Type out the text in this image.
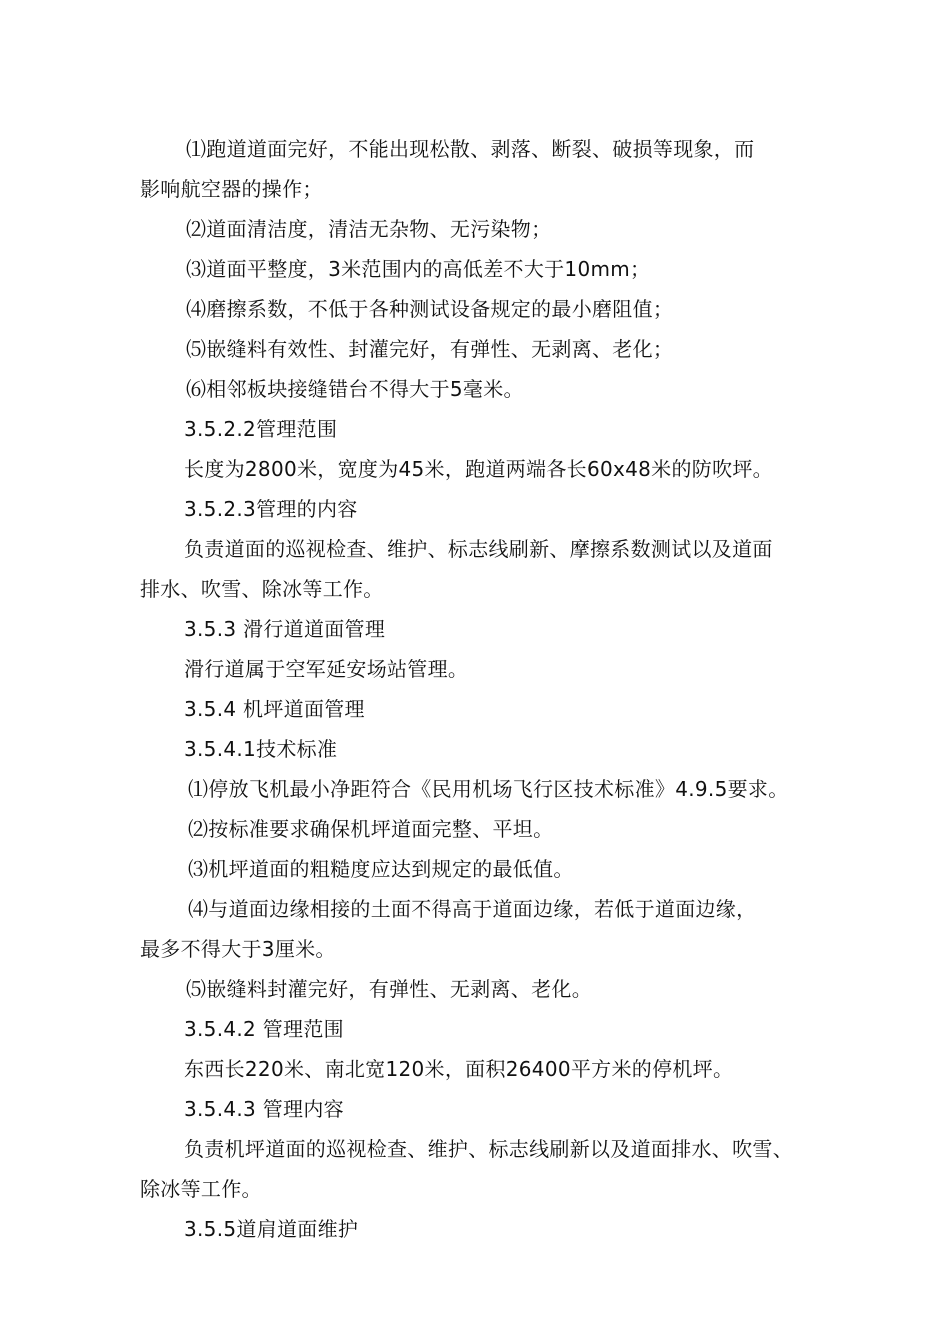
⑴跑道道面完好，不能出现松散、剥落、断裂、破损等现象，而
影响航空器的操作；
⑵道面清洁度，清洁无杂物、无污染物；
⑶道面平整度，3米范围内的高低差不大于10mm；
⑷磨擦系数，不低于各种测试设备规定的最小磨阻值；
⑸嵌缝料有效性、封灌完好，有弹性、无剥离、老化；
⑹相邻板块接缝错台不得大于5毫米。
3.5.2.2管理范围
长度为2800米，宽度为45米，跑道两端各长60x48米的防吹坪。
3.5.2.3管理的内容
负责道面的巡视检查、维护、标志线刷新、摩擦系数测试以及道面
排水、吹雪、除冰等工作。
3.5.3 滑行道道面管理
滑行道属于空军延安场站管理。
3.5.4 机坪道面管理
3.5.4.1技术标准
⑴停放飞机最小净距符合《民用机场飞行区技术标准》4.9.5要求。
⑵按标准要求确保机坪道面完整、平坦。
⑶机坪道面的粗糙度应达到规定的最低值。
⑷与道面边缘相接的土面不得高于道面边缘，若低于道面边缘，
最多不得大于3厘米。
⑸嵌缝料封灌完好，有弹性、无剥离、老化。
3.5.4.2 管理范围
东西长220米、南北宽120米，面积26400平方米的停机坪。
3.5.4.3 管理内容
负责机坪道面的巡视检查、维护、标志线刷新以及道面排水、吹雪、
除冰等工作。
3.5.5道肩道面维护
